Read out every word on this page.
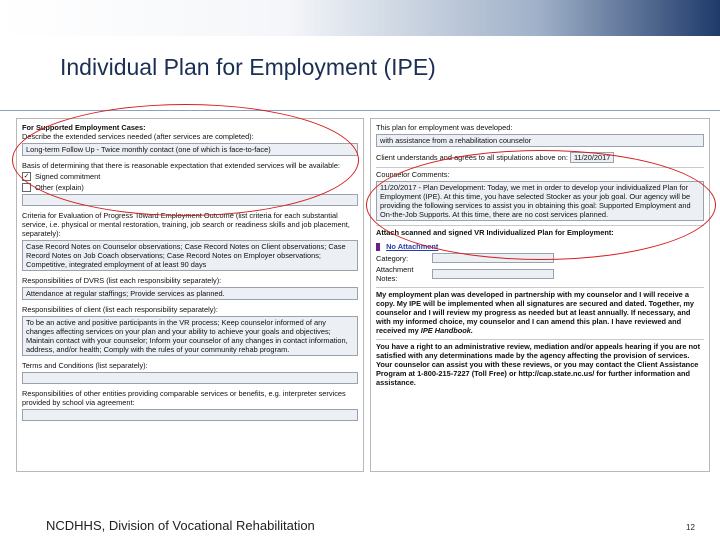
Individual Plan for Employment (IPE)
For Supported Employment Cases:
Describe the extended services needed (after services are completed):
Long-term Follow Up - Twice monthly contact (one of which is face-to-face)
Basis of determining that there is reasonable expectation that extended services will be available:
✓ Signed commitment
Other (explain)
Criteria for Evaluation of Progress Toward Employment Outcome (list criteria for each substantial service, i.e. physical or mental restoration, training, job search or readiness skills and job placement, separately):
Case Record Notes on Counselor observations; Case Record Notes on Client observations; Case Record Notes on Job Coach observations; Case Record Notes on Employer observations; Competitive, integrated employment of at least 90 days
Responsibilities of DVRS (list each responsibility separately):
Attendance at regular staffings; Provide services as planned.
Responsibilities of client (list each responsibility separately):
To be an active and positive participants in the VR process; Keep counselor informed of any changes affecting services on your plan and your ability to achieve your goals and objectives; Maintain contact with your counselor; Inform your counselor of any changes in contact information, address, and/or health; Comply with the rules of your community rehab program.
Terms and Conditions (list separately):
Responsibilities of other entities providing comparable services or benefits, e.g. interpreter services provided by school via agreement:
This plan for employment was developed:
with assistance from a rehabilitation counselor
Client understands and agrees to all stipulations above on: 11/20/2017
Counselor Comments:
11/20/2017 - Plan Development: Today, we met in order to develop your individualized Plan for Employment (IPE). At this time, you have selected Stocker as your job goal. Our agency will be providing the following services to assist you in obtaining this goal: Supported Employment and On-the-Job Supports. At this time, there are no cost services planned.
Attach scanned and signed VR Individualized Plan for Employment:
No Attachment
Category:
Attachment Notes:
My employment plan was developed in partnership with my counselor and I will receive a copy. My IPE will be implemented when all signatures are secured and dated. Together, my counselor and I will review my progress as needed but at least annually. If necessary, and with my informed choice, my counselor and I can amend this plan. I have reviewed and received my IPE Handbook.
You have a right to an administrative review, mediation and/or appeals hearing if you are not satisfied with any determinations made by the agency affecting the provision of services. Your counselor can assist you with these reviews, or you may contact the Client Assistance Program at 1-800-215-7227 (Toll Free) or http://cap.state.nc.us/ for further information and assistance.
NCDHHS, Division of Vocational Rehabilitation	12
